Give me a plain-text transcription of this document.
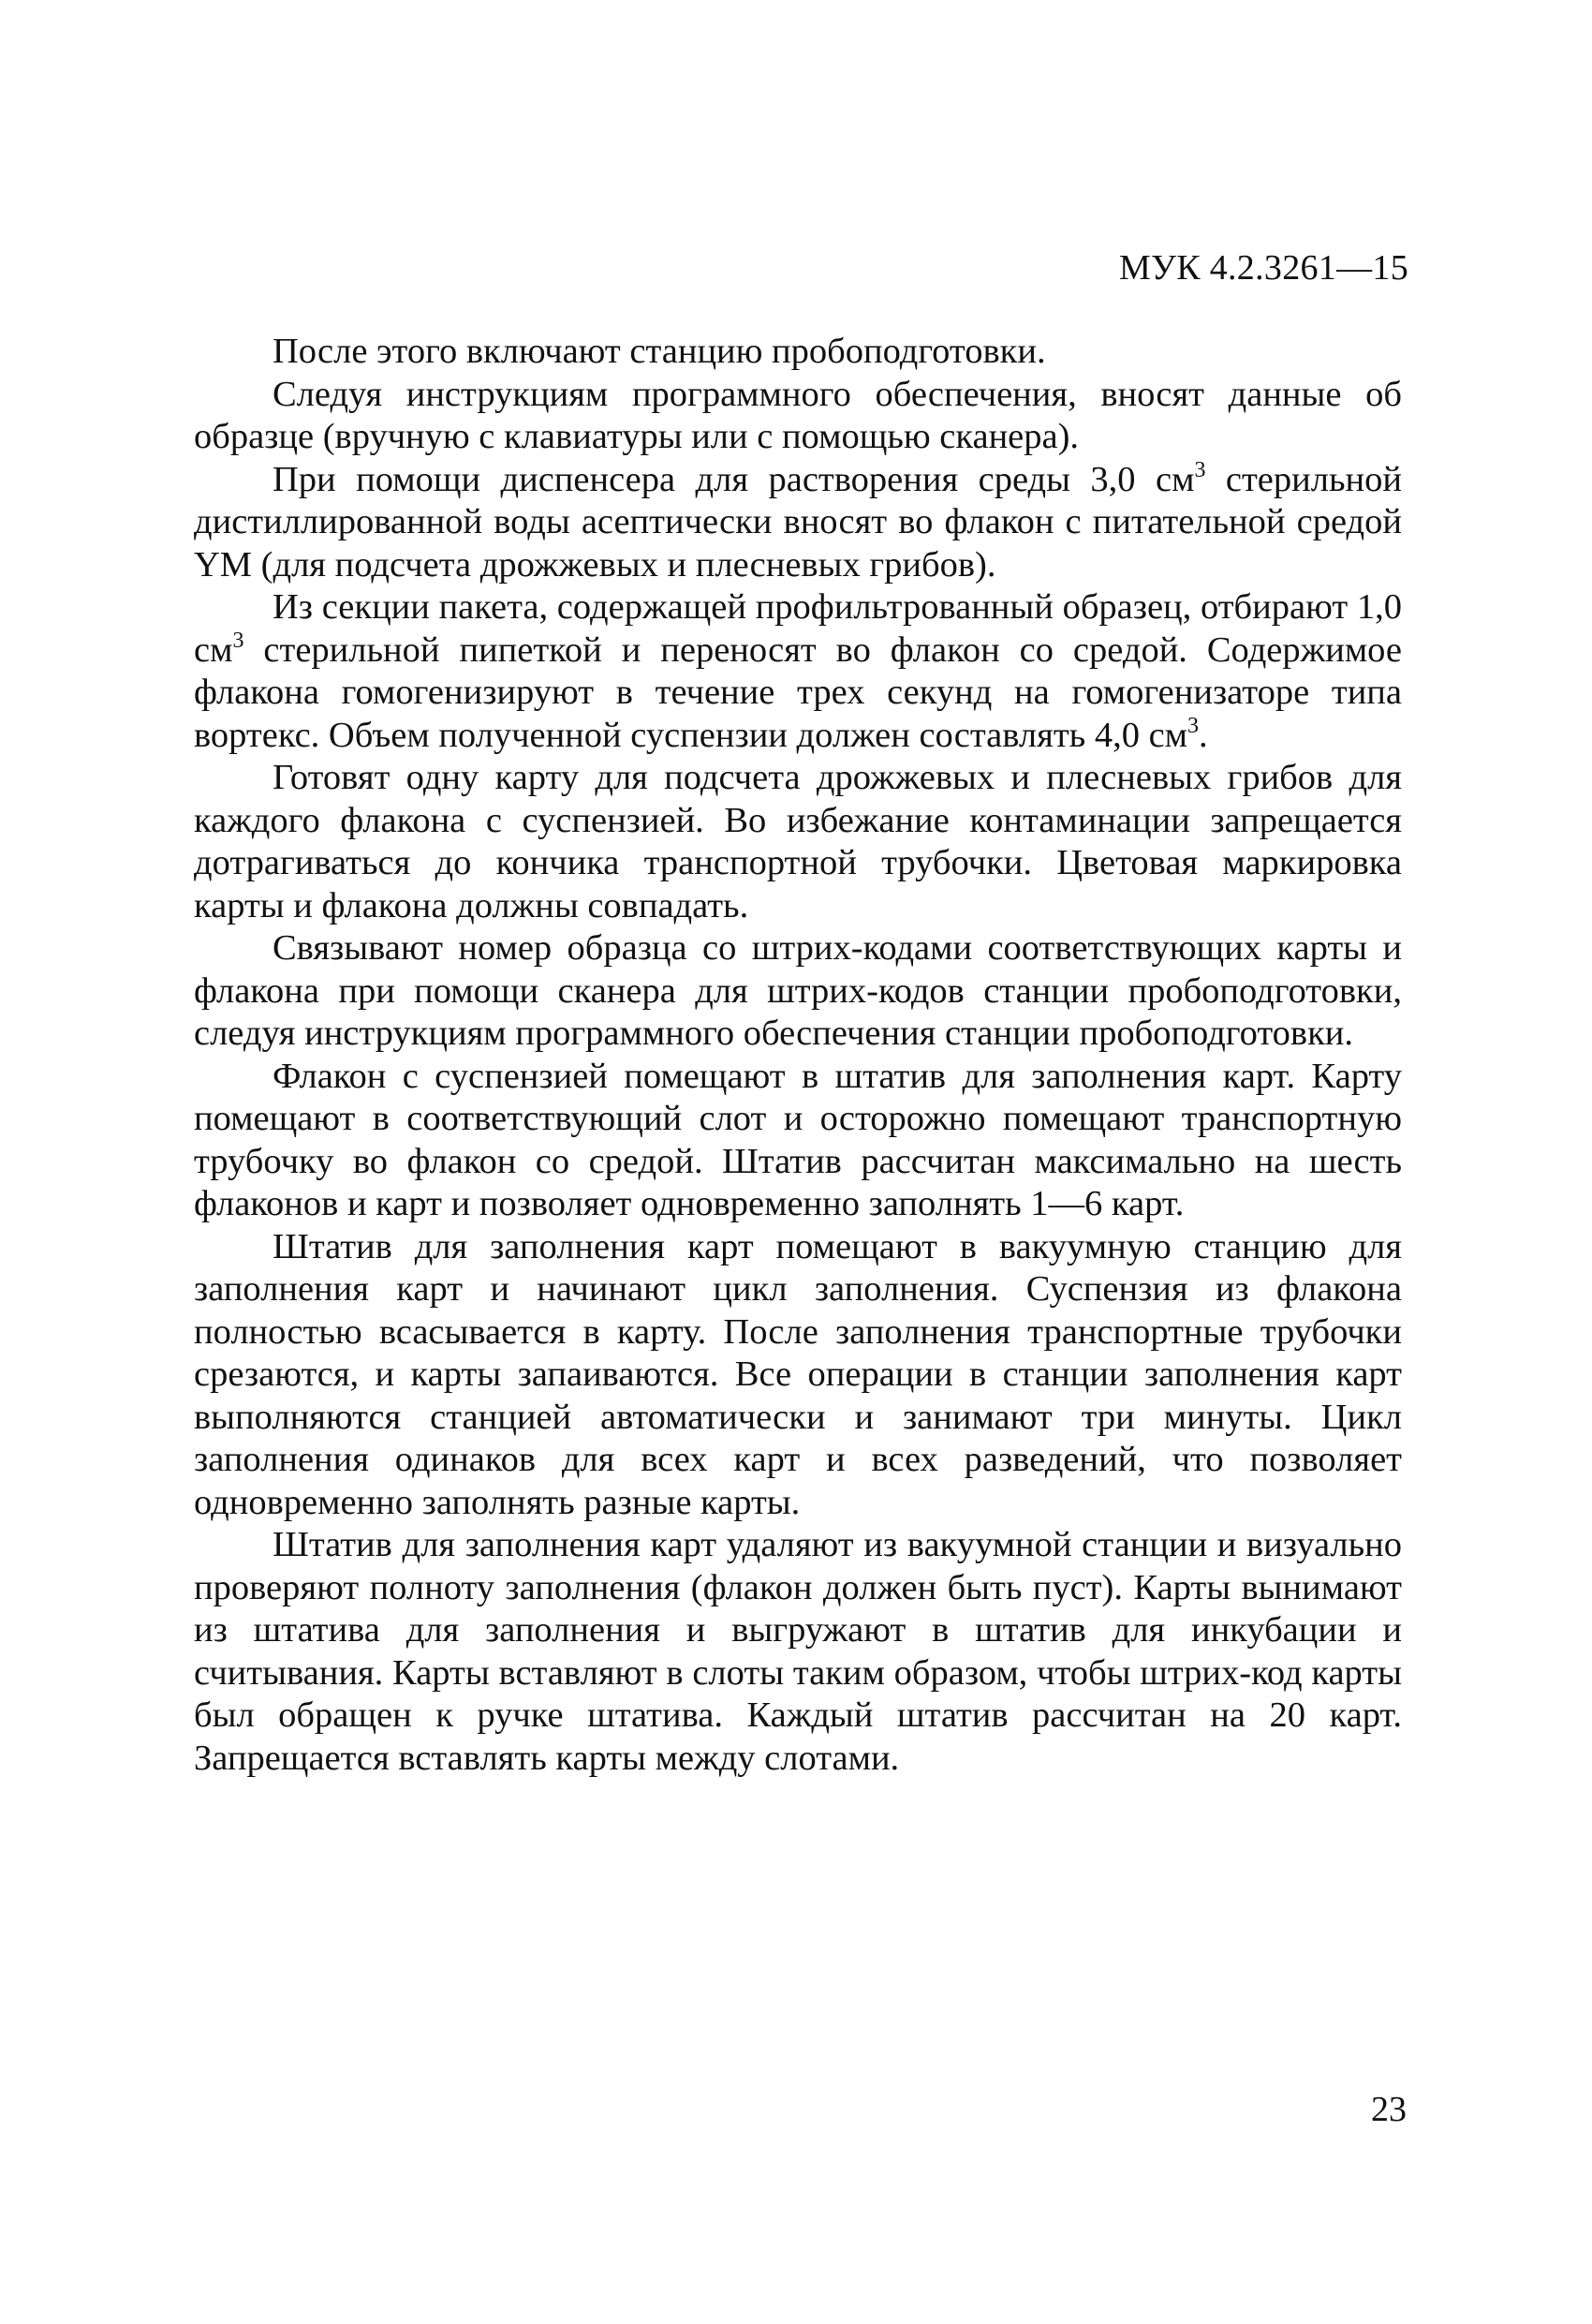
МУК 4.2.3261—15

После этого включают станцию пробоподготовки.

Следуя инструкциям программного обеспечения, вносят данные об образце (вручную с клавиатуры или с помощью сканера).

При помощи диспенсера для растворения среды 3,0 $см^3$ стерильной дистиллированной воды асептически вносят во флакон с питательной средой YM (для подсчета дрожжевых и плесневых грибов).

Из секции пакета, содержащей профильтрованный образец, отбирают 1,0 $см^3$ стерильной пипеткой и переносят во флакон со средой. Содержимое флакона гомогенизируют в течение трех секунд на гомогенизаторе типа вортекс. Объем полученной суспензии должен составлять 4,0 $см^3$.

Готовят одну карту для подсчета дрожжевых и плесневых грибов для каждого флакона с суспензией. Во избежание контаминации запрещается дотрагиваться до кончика транспортной трубочки. Цветовая маркировка карты и флакона должны совпадать.

Связывают номер образца со штрих-кодами соответствующих карты и флакона при помощи сканера для штрих-кодов станции пробоподготовки, следуя инструкциям программного обеспечения станции пробоподготовки.

Флакон с суспензией помещают в штатив для заполнения карт. Карту помещают в соответствующий слот и осторожно помещают транспортную трубочку во флакон со средой. Штатив рассчитан максимально на шесть флаконов и карт и позволяет одновременно заполнять 1—6 карт.

Штатив для заполнения карт помещают в вакуумную станцию для заполнения карт и начинают цикл заполнения. Суспензия из флакона полностью всасывается в карту. После заполнения транспортные трубочки срезаются, и карты запаиваются. Все операции в станции заполнения карт выполняются станцией автоматически и занимают три минуты. Цикл заполнения одинаков для всех карт и всех разведений, что позволяет одновременно заполнять разные карты.

Штатив для заполнения карт удаляют из вакуумной станции и визуально проверяют полноту заполнения (флакон должен быть пуст). Карты вынимают из штатива для заполнения и выгружают в штатив для инкубации и считывания. Карты вставляют в слоты таким образом, чтобы штрих-код карты был обращен к ручке штатива. Каждый штатив рассчитан на 20 карт. Запрещается вставлять карты между слотами.

23
